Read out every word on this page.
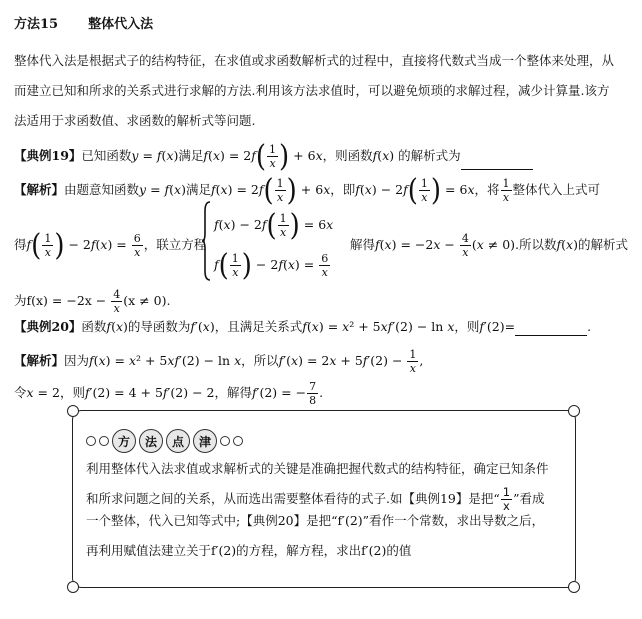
方法15 整体代入法
整体代入法是根据式子的结构特征，在求值或求函数解析式的过程中，直接将代数式当成一个整体来处理，从
而建立已知和所求的关系式进行求解的方法.利用该方法求值时，可以避免烦琐的求解过程，减少计算量.该方
法适用于求函数值、求函数的解析式等问题.
【典例19】已知函数y = f(x)满足$f(x) = 2f( \frac{1}{x}$ ) + 6x，则函数f(x) 的解析式为
【解析】由题意知函数y = f(x)满足$f(x) = 2f( \frac{1}{x}$ ) + 6x，即$f(x) - 2f( \frac{1}{x}$ ) = 6x，将 $\frac{1}{x}$ 整体代入上式可
得$f( \frac{1}{x}$ ) − $2f(x) = \frac{6}{x}$ ，联立方程
$f(x) - 2f( \frac{1}{x}$ ) = 6x
$f( \frac{1}{x}$ ) − $2f(x) = \frac{6}{x}$
解得$f(x) = -2x - \frac{4}{x} (x \ne 0)$.所以数f(x)的解析式
为$f(x) = -2x - \frac{4}{x} (x \ne 0)$.
【典例20】函数f(x)的导函数为f′(x)，且满足关系式f(x) = x² + 5xf′(2) − ln x，则f′(2)=	.
【解析】因为f(x) = x² + 5xf′(2) − ln x，所以$f'(x) = 2x + 5f'(2) - \frac{1}{x}$ ,
令x = 2，则f′(2) = 4 + 5f′(2) − 2，解得f′(2) = − $\frac{7}{8}$ .
方	法	点	津
利用整体代入法求值或求解析式的关键是准确把握代数式的结构特征，确定已知条件
和所求问题之间的关系，从而选出需要整体看待的式子.如【典例19】是把“ $\frac{1}{x}$ ”看成
一个整体，代入已知等式中;【典例20】是把“f′(2)”看作一个常数，求出导数之后，
再利用赋值法建立关于f′(2)的方程，解方程，求出f′(2)的值
